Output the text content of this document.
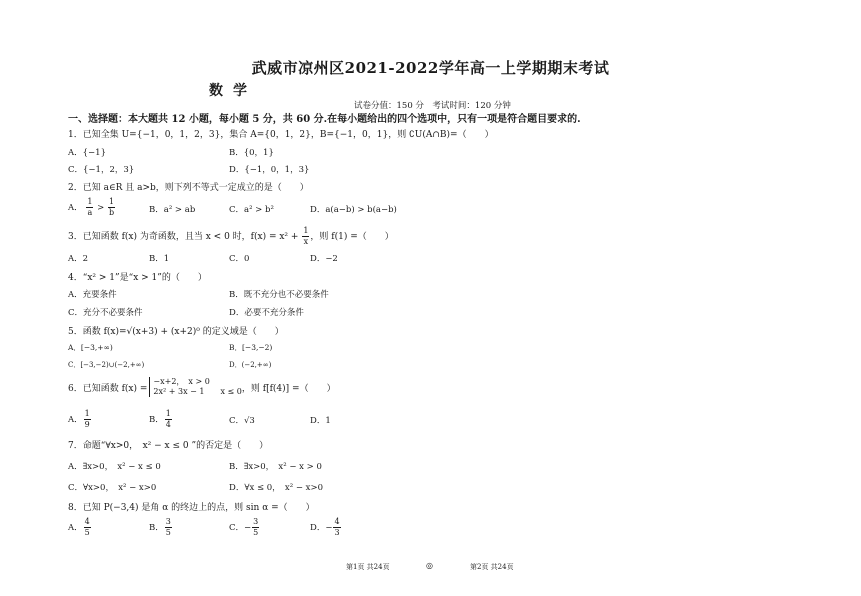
武威市凉州区2021-2022学年高一上学期期末考试
数学
试卷分值：150 分　考试时间：120 分钟
一、选择题：本大题共 12 小题，每小题 5 分，共 60 分.在每小题给出的四个选项中，只有一项是符合题目要求的.
1．已知全集 U={−1，0，1，2，3}，集合 A={0，1，2}，B={−1，0，1}，则 ∁U(A∩B)=（　　）
A．{−1}	B．{0，1}
C．{−1，2，3}	D．{−1，0，1，3}
2．已知 a∈R 且 a>b，则下列不等式一定成立的是（　　）
A． $\frac{1}{a} > \frac{1}{b}$	B．a² > ab	C．a² > b²	D．a(a−b) > b(a−b)
3．已知函数 f(x) 为奇函数，且当 x < 0 时，$f(x) = x^2 + \frac{1}{x}$ ，则 f(1) =（　　）
A．2	B．1	C．0	D．−2
4．“x² > 1”是“x > 1”的（　　）
A．充要条件	B．既不充分也不必要条件
C．充分不必要条件	D．必要不充分条件
5．函数 f(x)=√(x+3) + (x+2)⁰ 的定义域是（　　）
A．[−3,+∞)	B．[−3,−2)
C．[−3,−2)∪(−2,+∞)	D．(−2,+∞)
6．已知函数 f(x) =
−x+2，　x > 0
2x² + 3x − 1　　x ≤ 0 ，则 f[f(4)] =（　　）
A． $\frac{1}{9}$	B． $\frac{1}{4}$	C．√3	D．1
7．命题“∀x>0，　x² − x ≤ 0 ”的否定是（　　）
A．∃x>0，　x² − x ≤ 0	B．∃x>0，　x² − x > 0
C．∀x>0，　x² − x>0	D．∀x ≤ 0，　x² − x>0
8．已知 P(−3,4) 是角 α 的终边上的点，则 sin α =（　　）
A． $\frac{4}{5}$	B． $\frac{3}{5}$	C．− $\frac{3}{5}$	D．− $\frac{4}{3}$
第1页 共24页	◎	第2页 共24页
